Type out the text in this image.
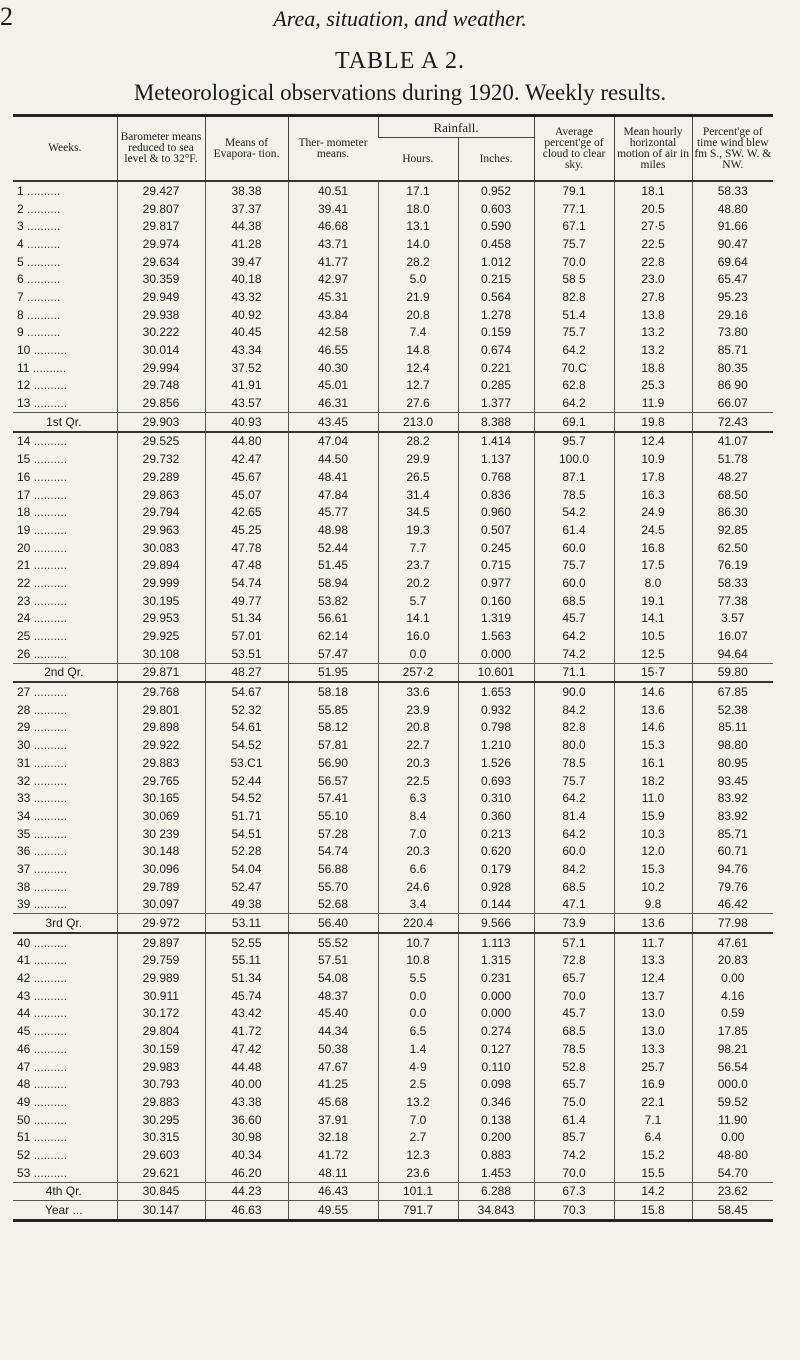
2	Area, situation, and weather.
TABLE A 2.
Meteorological observations during 1920. Weekly results.
Weeks.	Barometer means reduced to sea level & to 32°F.	Means of Evapora- tion.	Ther- mometer means.	Rainfall.		Average percent'ge of cloud to clear sky.	Mean hourly horizontal motion of air in miles	Percent'ge of time wind blew fm S., SW. W. & NW.
				Hours.	Inches.			
1 ..........	29.427	38.38	40.51	17.1	0.952	79.1	18.1	58.33
2 ..........	29.807	37.37	39.41	18.0	0.603	77.1	20.5	48.80
3 ..........	29.817	44.38	46.68	13.1	0.590	67.1	27·5	91.66
4 ..........	29.974	41.28	43.71	14.0	0.458	75.7	22.5	90.47
5 ..........	29.634	39.47	41.77	28.2	1.012	70.0	22.8	69.64
6 ..........	30.359	40.18	42.97	5.0	0.215	58 5	23.0	65.47
7 ..........	29.949	43.32	45.31	21.9	0.564	82.8	27.8	95.23
8 ..........	29.938	40.92	43.84	20.8	1.278	51.4	13.8	29.16
9 ..........	30.222	40.45	42.58	7.4	0.159	75.7	13.2	73.80
10 ..........	30.014	43.34	46.55	14.8	0.674	64.2	13.2	85.71
11 ..........	29.994	37.52	40.30	12.4	0.221	70.C	18.8	80.35
12 ..........	29.748	41.91	45.01	12.7	0.285	62.8	25.3	86 90
13 ..........	29.856	43.57	46.31	27.6	1.377	64.2	11.9	66.07
1st Qr.	29.903	40.93	43.45	213.0	8.388	69.1	19.8	72.43
14 ..........	29.525	44.80	47.04	28.2	1.414	95.7	12.4	41.07
15 ..........	29.732	42.47	44.50	29.9	1.137	100.0	10.9	51.78
16 ..........	29.289	45.67	48.41	26.5	0.768	87.1	17.8	48.27
17 ..........	29.863	45.07	47.84	31.4	0.836	78.5	16.3	68.50
18 ..........	29.794	42.65	45.77	34.5	0.960	54.2	24.9	86.30
19 ..........	29.963	45.25	48.98	19.3	0.507	61.4	24.5	92.85
20 ..........	30.083	47.78	52.44	7.7	0.245	60.0	16.8	62.50
21 ..........	29.894	47.48	51.45	23.7	0.715	75.7	17.5	76.19
22 ..........	29.999	54.74	58.94	20.2	0.977	60.0	8.0	58.33
23 ..........	30.195	49.77	53.82	5.7	0.160	68.5	19.1	77.38
24 ..........	29.953	51.34	56.61	14.1	1.319	45.7	14.1	3.57
25 ..........	29.925	57.01	62.14	16.0	1.563	64.2	10.5	16.07
26 ..........	30.108	53.51	57.47	0.0	0.000	74.2	12.5	94.64
2nd Qr.	29.871	48.27	51.95	257·2	10.601	71.1	15·7	59.80
27 ..........	29.768	54.67	58.18	33.6	1.653	90.0	14.6	67.85
28 ..........	29.801	52.32	55.85	23.9	0.932	84.2	13.6	52.38
29 ..........	29.898	54.61	58.12	20.8	0.798	82.8	14.6	85.11
30 ..........	29.922	54.52	57.81	22.7	1.210	80.0	15.3	98.80
31 ..........	29.883	53.C1	56.90	20.3	1.526	78.5	16.1	80.95
32 ..........	29.765	52.44	56.57	22.5	0.693	75.7	18.2	93.45
33 ..........	30.165	54.52	57.41	6.3	0.310	64.2	11.0	83.92
34 ..........	30.069	51.71	55.10	8.4	0.360	81.4	15.9	83.92
35 ..........	30 239	54.51	57.28	7.0	0.213	64.2	10.3	85.71
36 ..........	30.148	52.28	54.74	20.3	0.620	60.0	12.0	60.71
37 ..........	30.096	54.04	56.88	6.6	0.179	84.2	15.3	94.76
38 ..........	29.789	52.47	55.70	24.6	0.928	68.5	10.2	79.76
39 ..........	30.097	49.38	52.68	3.4	0.144	47.1	9.8	46.42
3rd Qr.	29·972	53.11	56.40	220.4	9.566	73.9	13.6	77.98
40 ..........	29.897	52.55	55.52	10.7	1.113	57.1	11.7	47.61
41 ..........	29.759	55.11	57.51	10.8	1.315	72.8	13.3	20.83
42 ..........	29.989	51.34	54.08	5.5	0.231	65.7	12.4	0.00
43 ..........	30.911	45.74	48.37	0.0	0.000	70.0	13.7	4.16
44 ..........	30.172	43.42	45.40	0.0	0.000	45.7	13.0	0.59
45 ..........	29.804	41.72	44.34	6.5	0.274	68.5	13.0	17.85
46 ..........	30.159	47.42	50.38	1.4	0.127	78.5	13.3	98.21
47 ..........	29.983	44.48	47.67	4·9	0.110	52.8	25.7	56.54
48 ..........	30.793	40.00	41.25	2.5	0.098	65.7	16.9	000.0
49 ..........	29.883	43.38	45.68	13.2	0.346	75.0	22.1	59.52
50 ..........	30.295	36.60	37.91	7.0	0.138	61.4	7.1	11.90
51 ..........	30.315	30.98	32.18	2.7	0.200	85.7	6.4	0.00
52 ..........	29.603	40.34	41.72	12.3	0.883	74.2	15.2	48·80
53 ..........	29.621	46.20	48.11	23.6	1.453	70.0	15.5	54.70
4th Qr.	30.845	44.23	46.43	101.1	6.288	67.3	14.2	23.62
Year ...	30.147	46.63	49.55	791.7	34.843	70.3	15.8	58.45
